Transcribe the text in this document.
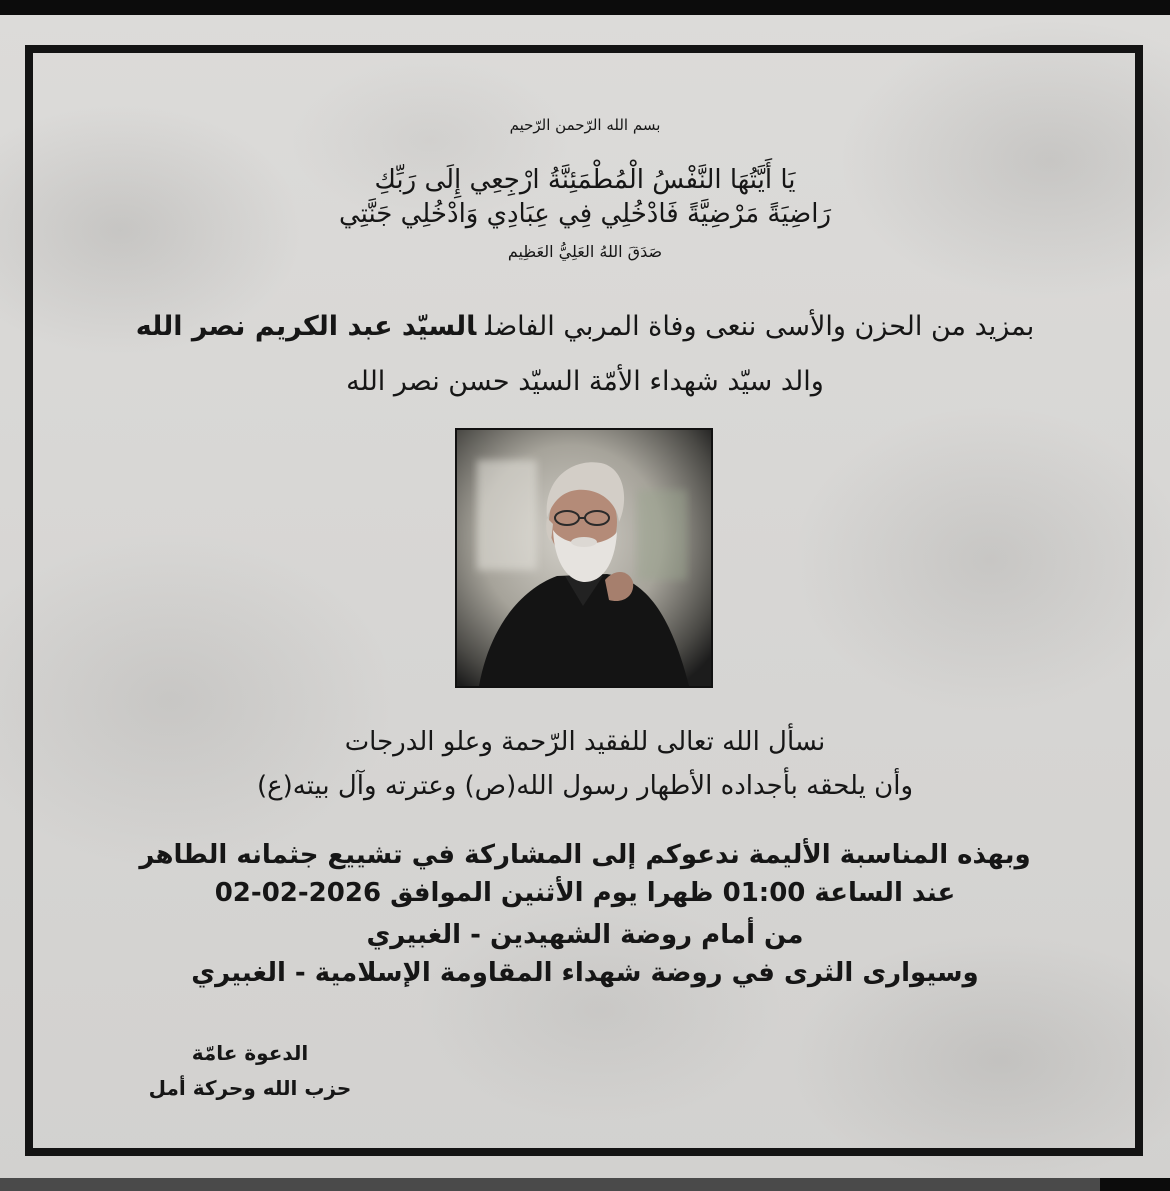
بسم الله الرّحمن الرّحيم
يَا أَيَّتُهَا النَّفْسُ الْمُطْمَئِنَّةُ ارْجِعِي إِلَى رَبِّكِ
رَاضِيَةً مَرْضِيَّةً فَادْخُلِي فِي عِبَادِي وَادْخُلِي جَنَّتِي
صَدَقَ اللهُ العَلِيُّ العَظِيم
بمزيد من الحزن والأسى ننعى وفاة المربي الفاضلالسيّد عبد الكريم نصر الله
والد سيّد شهداء الأمّة السيّد حسن نصر الله
نسأل الله تعالى للفقيد الرّحمة وعلو الدرجات
وأن يلحقه بأجداده الأطهار رسول الله(ص) وعترته وآل بيته(ع)
وبهذه المناسبة الأليمة ندعوكم إلى المشاركة في تشييع جثمانه الطاهر
عند الساعة 01:00 ظهرا يوم الأثنين الموافق 2026-02-02
من أمام روضة الشهيدين - الغبيري
وسيوارى الثرى في روضة شهداء المقاومة الإسلامية - الغبيري
الدعوة عامّة
حزب الله وحركة أمل
